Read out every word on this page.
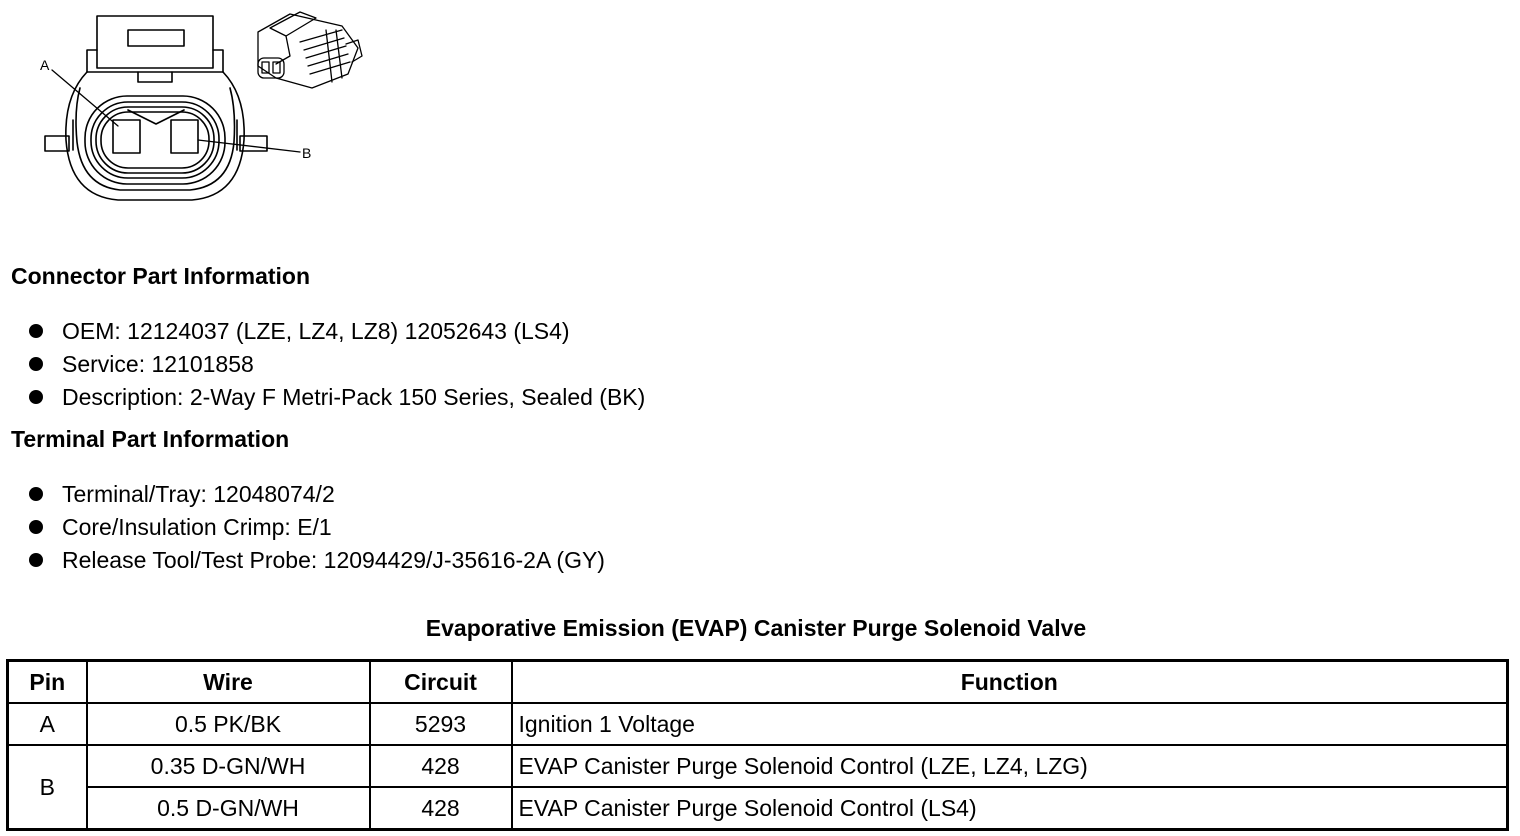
A
B
Connector Part Information
OEM: 12124037 (LZE, LZ4, LZ8) 12052643 (LS4)
Service: 12101858
Description: 2-Way F Metri-Pack 150 Series, Sealed (BK)
Terminal Part Information
Terminal/Tray: 12048074/2
Core/Insulation Crimp: E/1
Release Tool/Test Probe: 12094429/J-35616-2A (GY)
Evaporative Emission (EVAP) Canister Purge Solenoid Valve
Pin	Wire	Circuit	Function
A	0.5 PK/BK	5293	Ignition 1 Voltage
B	0.35 D-GN/WH	428	EVAP Canister Purge Solenoid Control (LZE, LZ4, LZG)
	0.5 D-GN/WH	428	EVAP Canister Purge Solenoid Control (LS4)
